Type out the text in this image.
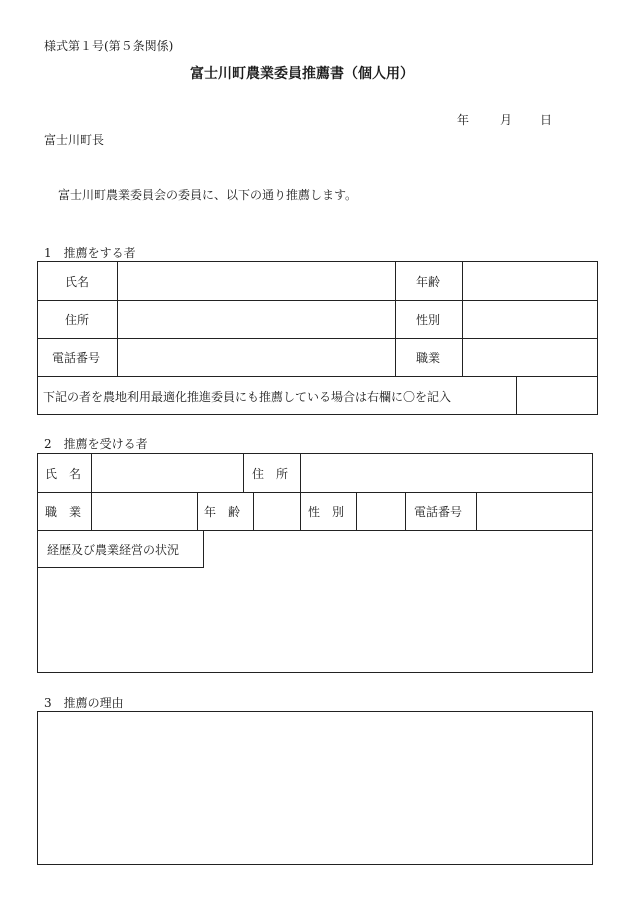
様式第１号(第５条関係)
富士川町農業委員推薦書（個人用）
年	月 日
富士川町長
富士川町農業委員会の委員に、以下の通り推薦します。
1　推薦をする者
氏名	年齢
住所	性別
電話番号	職業
下記の者を農地利用最適化推進委員にも推薦している場合は右欄に〇を記入
2　推薦を受ける者
氏　名	住　所
職　業	年　齢	性　別	電話番号
経歴及び農業経営の状況
3　推薦の理由
